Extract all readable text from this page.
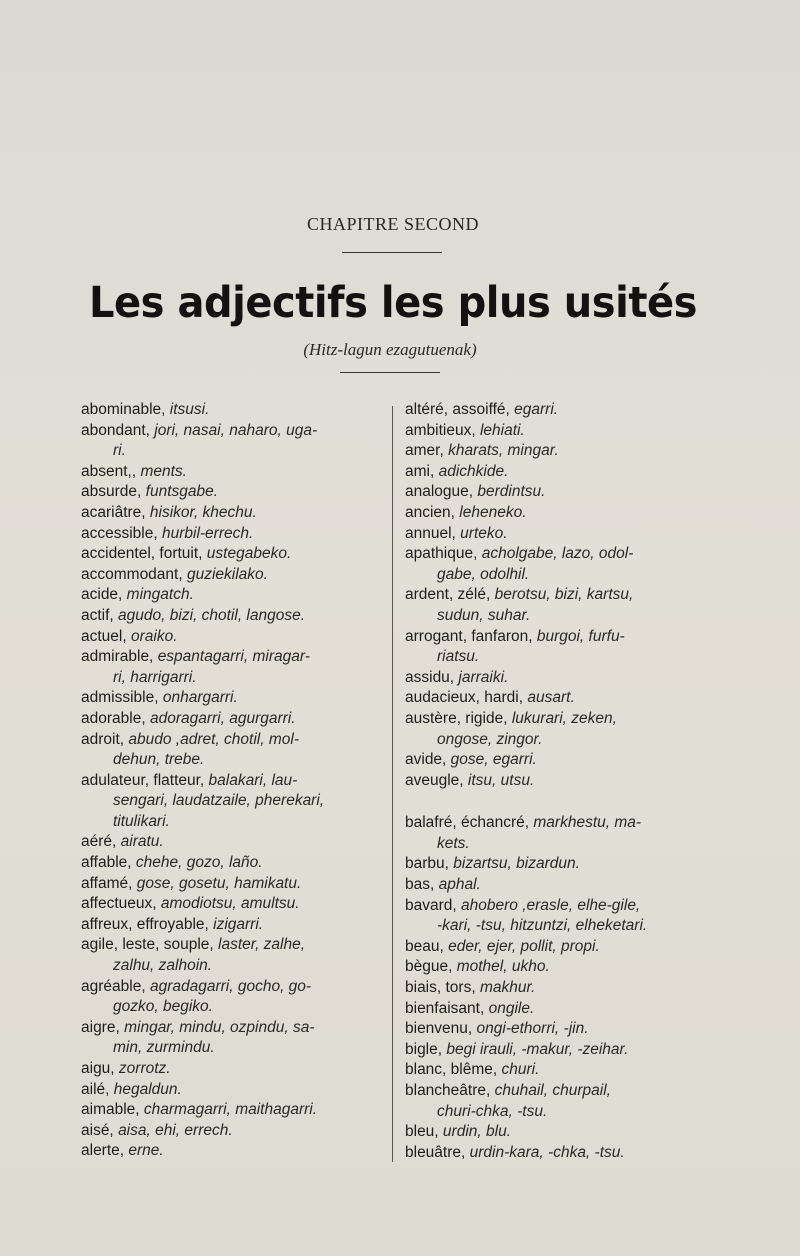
CHAPITRE SECOND
Les adjectifs les plus usités
(Hitz-lagun ezagutuenak)
abominable, itsusi.
abondant, jori, nasai, naharo, uga-
ri.
absent,, ments.
absurde, funtsgabe.
acariâtre, hisikor, khechu.
accessible, hurbil-errech.
accidentel, fortuit, ustegabeko.
accommodant, guziekilako.
acide, mingatch.
actif, agudo, bizi, chotil, langose.
actuel, oraiko.
admirable, espantagarri, miragar-
ri, harrigarri.
admissible, onhargarri.
adorable, adoragarri, agurgarri.
adroit, abudo ,adret, chotil, mol-
dehun, trebe.
adulateur, flatteur, balakari, lau-
sengari, laudatzaile, pherekari,
titulikari.
aéré, airatu.
affable, chehe, gozo, laño.
affamé, gose, gosetu, hamikatu.
affectueux, amodiotsu, amultsu.
affreux, effroyable, izigarri.
agile, leste, souple, laster, zalhe,
zalhu, zalhoin.
agréable, agradagarri, gocho, go-
gozko, begiko.
aigre, mingar, mindu, ozpindu, sa-
min, zurmindu.
aigu, zorrotz.
ailé, hegaldun.
aimable, charmagarri, maithagarri.
aisé, aisa, ehi, errech.
alerte, erne.
altéré, assoiffé, egarri.
ambitieux, lehiati.
amer, kharats, mingar.
ami, adichkide.
analogue, berdintsu.
ancien, leheneko.
annuel, urteko.
apathique, acholgabe, lazo, odol-
gabe, odolhil.
ardent, zélé, berotsu, bizi, kartsu,
sudun, suhar.
arrogant, fanfaron, burgoi, furfu-
riatsu.
assidu, jarraiki.
audacieux, hardi, ausart.
austère, rigide, lukurari, zeken,
ongose, zingor.
avide, gose, egarri.
aveugle, itsu, utsu.
balafré, échancré, markhestu, ma-
kets.
barbu, bizartsu, bizardun.
bas, aphal.
bavard, ahobero ,erasle, elhe-gile,
-kari, -tsu, hitzuntzi, elheketari.
beau, eder, ejer, pollit, propi.
bègue, mothel, ukho.
biais, tors, makhur.
bienfaisant, ongile.
bienvenu, ongi-ethorri, -jin.
bigle, begi irauli, -makur, -zeihar.
blanc, blême, churi.
blancheâtre, chuhail, churpail,
churi-chka, -tsu.
bleu, urdin, blu.
bleuâtre, urdin-kara, -chka, -tsu.
